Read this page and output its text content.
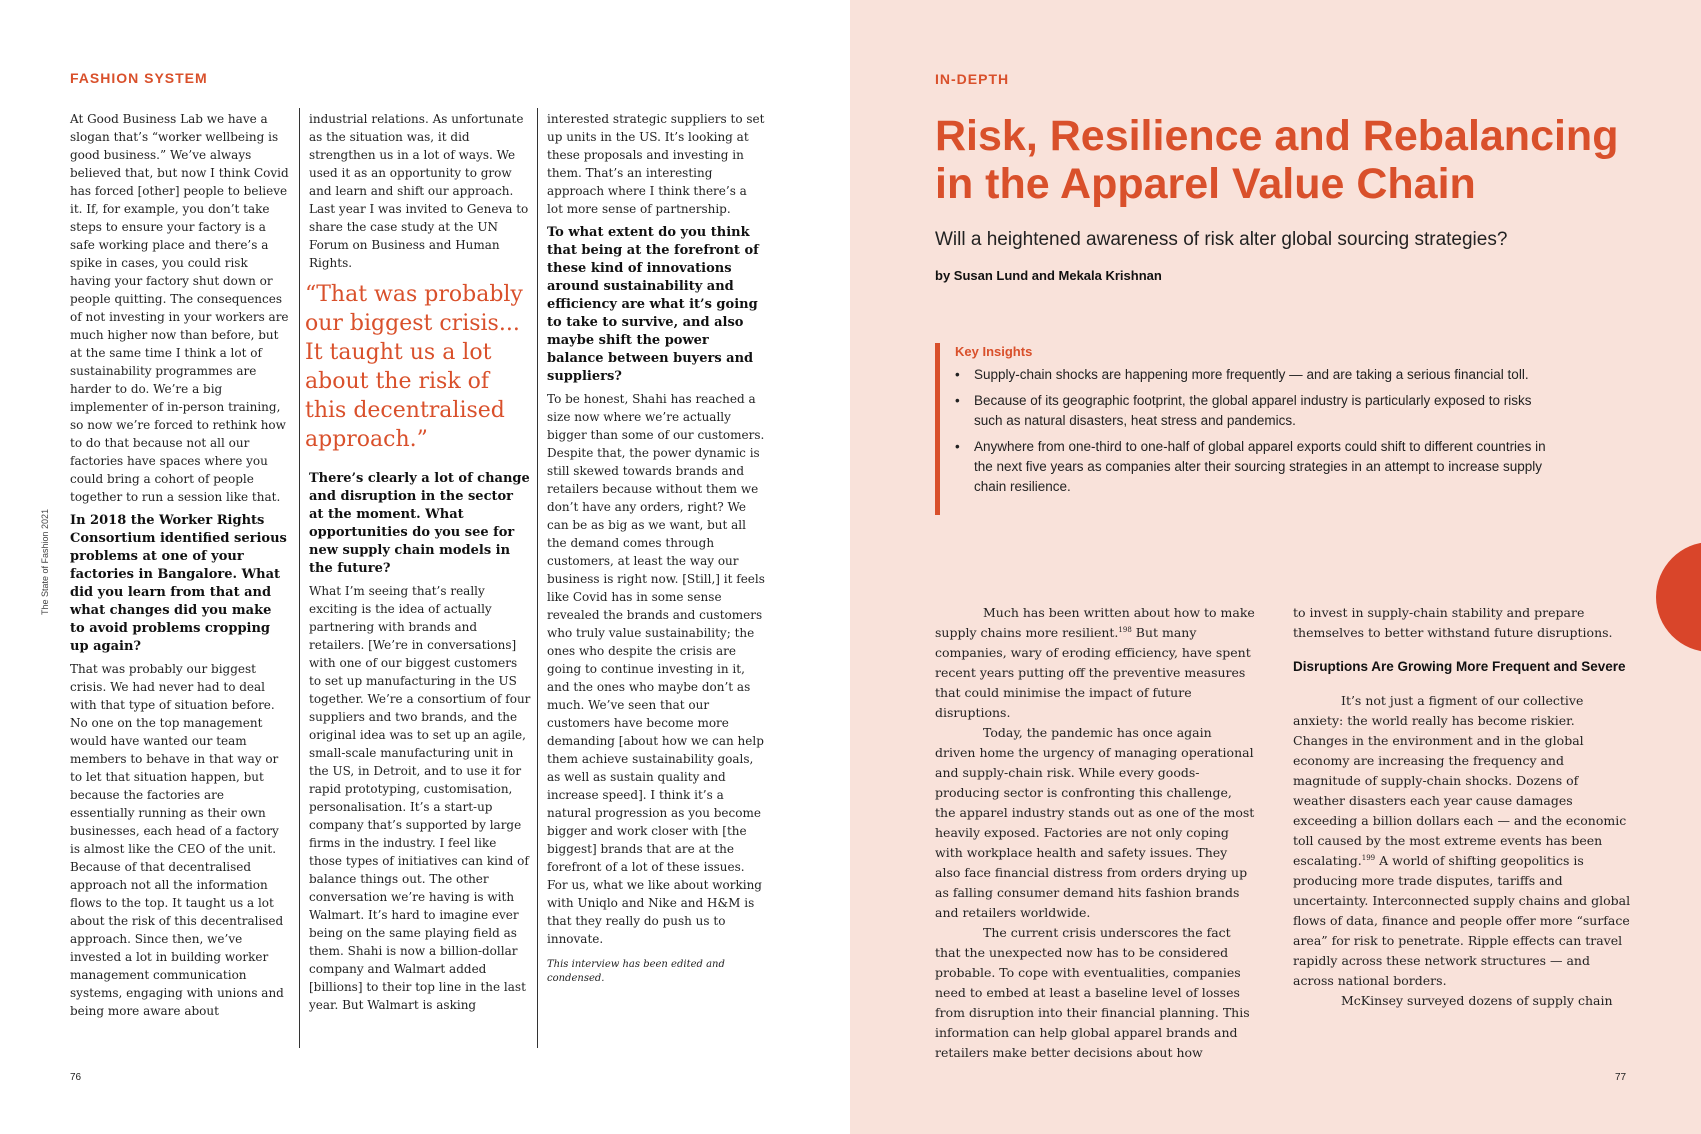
FASHION SYSTEM
The State of Fashion 2021

At Good Business Lab we have a slogan that’s “worker wellbeing is good business.” We’ve always believed that, but now I think Covid has forced [other] people to believe it. If, for example, you don’t take steps to ensure your factory is a safe working place and there’s a spike in cases, you could risk having your factory shut down or people quitting. The consequences of not investing in your workers are much higher now than before, but at the same time I think a lot of sustainability programmes are harder to do. We’re a big implementer of in-person training, so now we’re forced to rethink how to do that because not all our factories have spaces where you could bring a cohort of people together to run a session like that.

In 2018 the Worker Rights Consortium identified serious problems at one of your factories in Bangalore. What did you learn from that and what changes did you make to avoid problems cropping up again?

That was probably our biggest crisis. We had never had to deal with that type of situation before. No one on the top management would have wanted our team members to behave in that way or to let that situation happen, but because the factories are essentially running as their own businesses, each head of a factory is almost like the CEO of the unit. Because of that decentralised approach not all the information flows to the top. It taught us a lot about the risk of this decentralised approach. Since then, we’ve invested a lot in building worker management communication systems, engaging with unions and being more aware about

industrial relations. As unfortunate as the situation was, it did strengthen us in a lot of ways. We used it as an opportunity to grow and learn and shift our approach. Last year I was invited to Geneva to share the case study at the UN Forum on Business and Human Rights.

“That was probably our biggest crisis... It taught us a lot about the risk of this decentralised approach.”

There’s clearly a lot of change and disruption in the sector at the moment. What opportunities do you see for new supply chain models in the future?

What I’m seeing that’s really exciting is the idea of actually partnering with brands and retailers. [We’re in conversations] with one of our biggest customers to set up manufacturing in the US together. We’re a consortium of four suppliers and two brands, and the original idea was to set up an agile, small-scale manufacturing unit in the US, in Detroit, and to use it for rapid prototyping, customisation, personalisation. It’s a start-up company that’s supported by large firms in the industry. I feel like those types of initiatives can kind of balance things out. The other conversation we’re having is with Walmart. It’s hard to imagine ever being on the same playing field as them. Shahi is now a billion-dollar company and Walmart added [billions] to their top line in the last year. But Walmart is asking

interested strategic suppliers to set up units in the US. It’s looking at these proposals and investing in them. That’s an interesting approach where I think there’s a lot more sense of partnership.

To what extent do you think that being at the forefront of these kind of innovations around sustainability and efficiency are what it’s going to take to survive, and also maybe shift the power balance between buyers and suppliers?

To be honest, Shahi has reached a size now where we’re actually bigger than some of our customers. Despite that, the power dynamic is still skewed towards brands and retailers because without them we don’t have any orders, right? We can be as big as we want, but all the demand comes through customers, at least the way our business is right now. [Still,] it feels like Covid has in some sense revealed the brands and customers who truly value sustainability; the ones who despite the crisis are going to continue investing in it, and the ones who maybe don’t as much. We’ve seen that our customers have become more demanding [about how we can help them achieve sustainability goals, as well as sustain quality and increase speed]. I think it’s a natural progression as you become bigger and work closer with [the biggest] brands that are at the forefront of a lot of these issues. For us, what we like about working with Uniqlo and Nike and H&M is that they really do push us to innovate.

This interview has been edited and condensed.

76
IN-DEPTH
Risk, Resilience and Rebalancing in the Apparel Value Chain
Will a heightened awareness of risk alter global sourcing strategies?
by Susan Lund and Mekala Krishnan
Key Insights
• Supply-chain shocks are happening more frequently — and are taking a serious financial toll.
• Because of its geographic footprint, the global apparel industry is particularly exposed to risks such as natural disasters, heat stress and pandemics.
• Anywhere from one-third to one-half of global apparel exports could shift to different countries in the next five years as companies alter their sourcing strategies in an attempt to increase supply chain resilience.

Much has been written about how to make supply chains more resilient.$^{198}$ But many companies, wary of eroding efficiency, have spent recent years putting off the preventive measures that could minimise the impact of future disruptions.

Today, the pandemic has once again driven home the urgency of managing operational and supply-chain risk. While every goods-producing sector is confronting this challenge, the apparel industry stands out as one of the most heavily exposed. Factories are not only coping with workplace health and safety issues. They also face financial distress from orders drying up as falling consumer demand hits fashion brands and retailers worldwide.

The current crisis underscores the fact that the unexpected now has to be considered probable. To cope with eventualities, companies need to embed at least a baseline level of losses from disruption into their financial planning. This information can help global apparel brands and retailers make better decisions about how

to invest in supply-chain stability and prepare themselves to better withstand future disruptions.

Disruptions Are Growing More Frequent and Severe

It’s not just a figment of our collective anxiety: the world really has become riskier. Changes in the environment and in the global economy are increasing the frequency and magnitude of supply-chain shocks. Dozens of weather disasters each year cause damages exceeding a billion dollars each — and the economic toll caused by the most extreme events has been escalating.$^{199}$ A world of shifting geopolitics is producing more trade disputes, tariffs and uncertainty. Interconnected supply chains and global flows of data, finance and people offer more “surface area” for risk to penetrate. Ripple effects can travel rapidly across these network structures — and across national borders.

McKinsey surveyed dozens of supply chain

77
